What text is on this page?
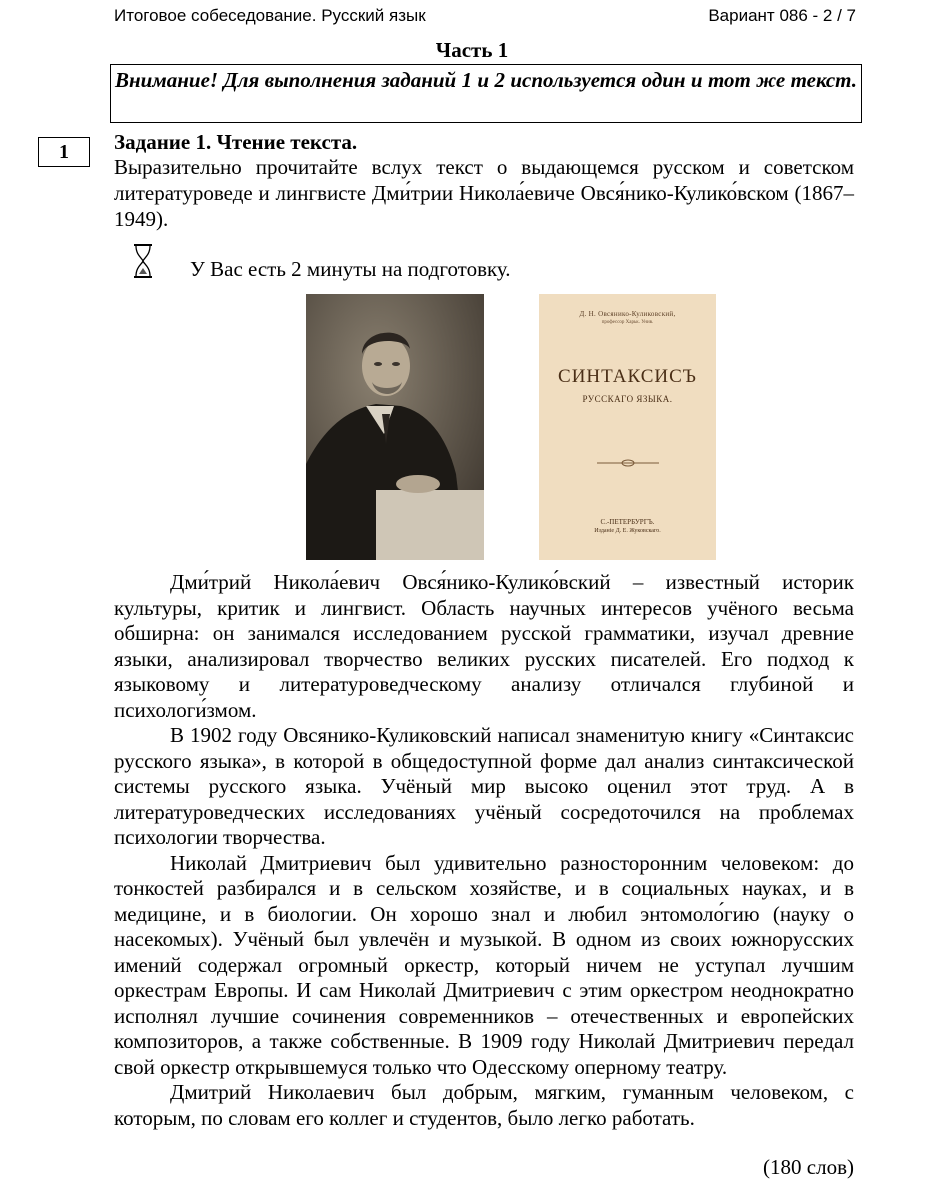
Итоговое собеседование. Русский язык	Вариант 086 - 2 / 7
Часть 1
Внимание! Для выполнения заданий 1 и 2 используется один и тот же текст.
1	Задание 1. Чтение текста.
Выразительно прочитайте вслух текст о выдающемся русском и советском литературоведе и лингвисте Дми́трии Никола́евиче Овся́нико-Кулико́вском (1867–1949).
У Вас есть 2 минуты на подготовку.
Д. Н. Овсянико-Куликовский,
профессор Харьк. Унив.
СИНТАКСИСЪ
РУССКАГО ЯЗЫКА.
С.-ПЕТЕРБУРГЪ.
Изданiе Д. Е. Жуковскаго.

Дми́трий Никола́евич Овся́нико-Кулико́вский – известный историк культуры, критик и лингвист. Область научных интересов учёного весьма обширна: он занимался исследованием русской грамматики, изучал древние языки, анализировал творчество великих русских писателей. Его подход к языковому и литературоведческому анализу отличался глубиной и психологи́змом.

В 1902 году Овсянико-Куликовский написал знаменитую книгу «Синтаксис русского языка», в которой в общедоступной форме дал анализ синтаксической системы русского языка. Учёный мир высоко оценил этот труд. А в литературоведческих исследованиях учёный сосредоточился на проблемах психологии творчества.

Николай Дмитриевич был удивительно разносторонним человеком: до тонкостей разбирался и в сельском хозяйстве, и в социальных науках, и в медицине, и в биологии. Он хорошо знал и любил энтомоло́гию (науку о насекомых). Учёный был увлечён и музыкой. В одном из своих южнорусских имений содержал огромный оркестр, который ничем не уступал лучшим оркестрам Европы. И сам Николай Дмитриевич с этим оркестром неоднократно исполнял лучшие сочинения современников – отечественных и европейских композиторов, а также собственные. В 1909 году Николай Дмитриевич передал свой оркестр открывшемуся только что Одесскому оперному театру.

Дмитрий Николаевич был добрым, мягким, гуманным человеком, с которым, по словам его коллег и студентов, было легко работать.

(180 слов)
